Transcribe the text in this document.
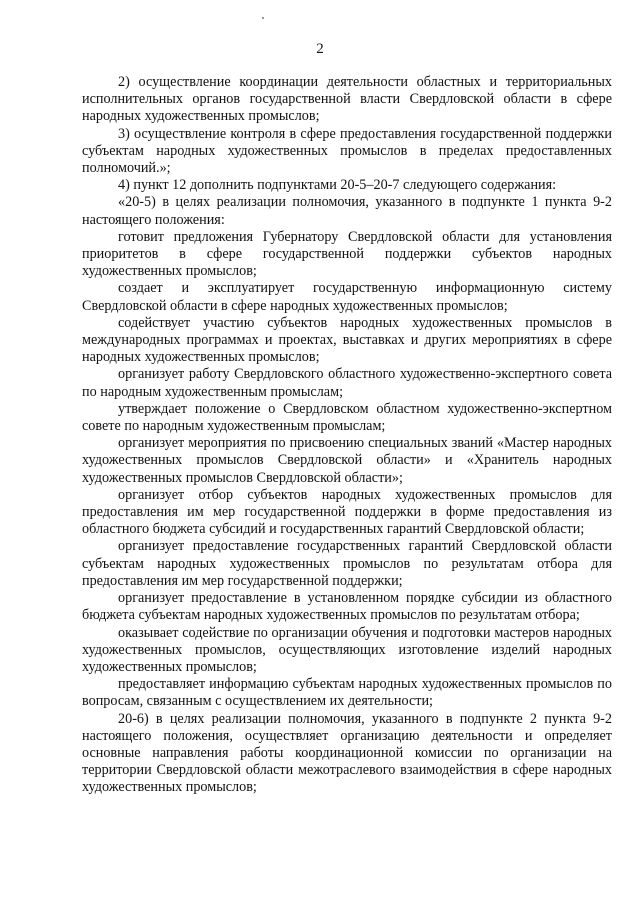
2

2) осуществление координации деятельности областных и территориальных исполнительных органов государственной власти Свердловской области в сфере народных художественных промыслов;

3) осуществление контроля в сфере предоставления государственной поддержки субъектам народных художественных промыслов в пределах предоставленных полномочий.»;

4) пункт 12 дополнить подпунктами 20-5–20-7 следующего содержания:

«20-5) в целях реализации полномочия, указанного в подпункте 1 пункта 9-2 настоящего положения:

готовит предложения Губернатору Свердловской области для установления приоритетов в сфере государственной поддержки субъектов народных художественных промыслов;

создает и эксплуатирует государственную информационную систему Свердловской области в сфере народных художественных промыслов;

содействует участию субъектов народных художественных промыслов в международных программах и проектах, выставках и других мероприятиях в сфере народных художественных промыслов;

организует работу Свердловского областного художественно-экспертного совета по народным художественным промыслам;

утверждает положение о Свердловском областном художественно-экспертном совете по народным художественным промыслам;

организует мероприятия по присвоению специальных званий «Мастер народных художественных промыслов Свердловской области» и «Хранитель народных художественных промыслов Свердловской области»;

организует отбор субъектов народных художественных промыслов для предоставления им мер государственной поддержки в форме предоставления из областного бюджета субсидий и государственных гарантий Свердловской области;

организует предоставление государственных гарантий Свердловской области субъектам народных художественных промыслов по результатам отбора для предоставления им мер государственной поддержки;

организует предоставление в установленном порядке субсидии из областного бюджета субъектам народных художественных промыслов по результатам отбора;

оказывает содействие по организации обучения и подготовки мастеров народных художественных промыслов, осуществляющих изготовление изделий народных художественных промыслов;

предоставляет информацию субъектам народных художественных промыслов по вопросам, связанным с осуществлением их деятельности;

20-6) в целях реализации полномочия, указанного в подпункте 2 пункта 9-2 настоящего положения, осуществляет организацию деятельности и определяет основные направления работы координационной комиссии по организации на территории Свердловской области межотраслевого взаимодействия в сфере народных художественных промыслов;
